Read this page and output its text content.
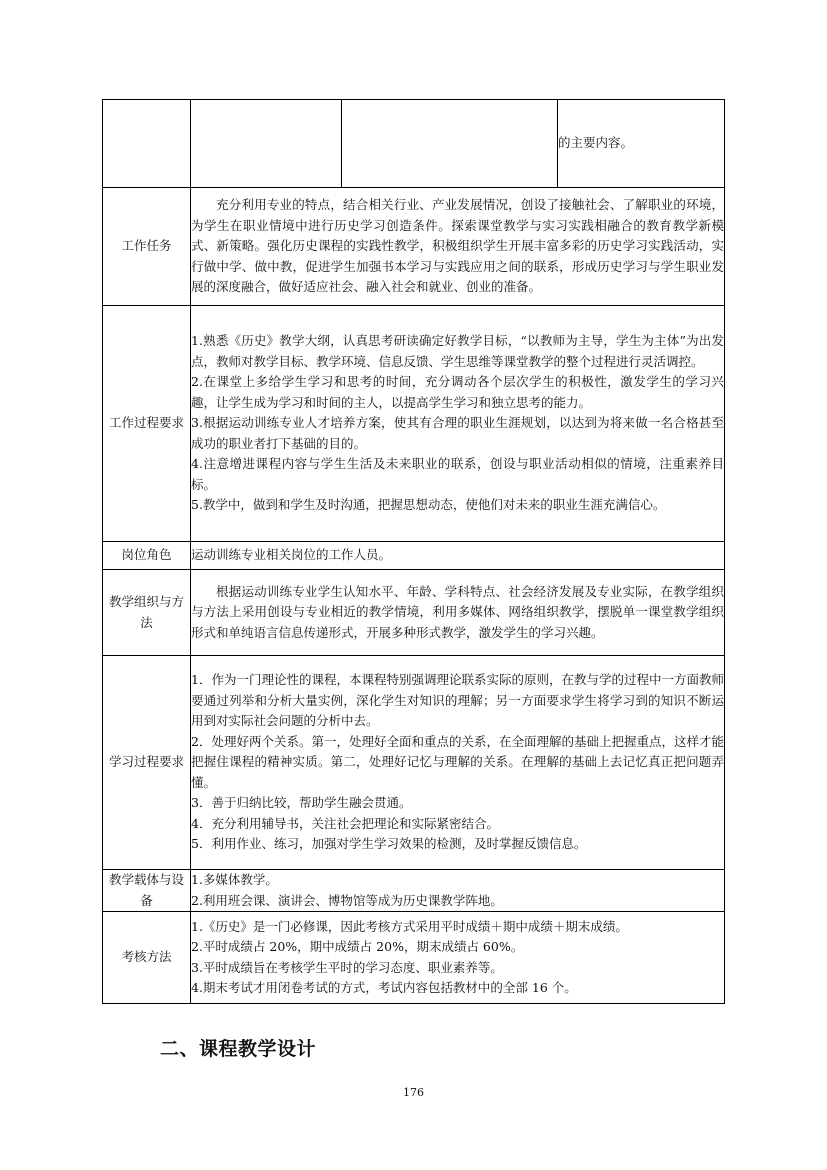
			的主要内容。
工作任务	充分利用专业的特点，结合相关行业、产业发展情况，创设了接触社会、了解职业的环境，为学生在职业情境中进行历史学习创造条件。探索课堂教学与实习实践相融合的教育教学新模式、新策略。强化历史课程的实践性教学，积极组织学生开展丰富多彩的历史学习实践活动，实行做中学、做中教，促进学生加强书本学习与实践应用之间的联系，形成历史学习与学生职业发展的深度融合，做好适应社会、融入社会和就业、创业的准备。		

工作过程要求	1.熟悉《历史》教学大纲，认真思考研读确定好教学目标，“以教师为主导，学生为主体”为出发点，教师对教学目标、教学环境、信息反馈、学生思维等课堂教学的整个过程进行灵活调控。
2.在课堂上多给学生学习和思考的时间，充分调动各个层次学生的积极性，激发学生的学习兴趣，让学生成为学习和时间的主人，以提高学生学习和独立思考的能力。
3.根据运动训练专业人才培养方案，使其有合理的职业生涯规划，以达到为将来做一名合格甚至成功的职业者打下基础的目的。
4.注意增进课程内容与学生生活及未来职业的联系，创设与职业活动相似的情境，注重素养目标。
5.教学中，做到和学生及时沟通，把握思想动态，使他们对未来的职业生涯充满信心。		

岗位角色	运动训练专业相关岗位的工作人员。		
教学组织与方法	根据运动训练专业学生认知水平、年龄、学科特点、社会经济发展及专业实际，在教学组织与方法上采用创设与专业相近的教学情境，利用多媒体、网络组织教学，摆脱单一课堂教学组织形式和单纯语言信息传递形式，开展多种形式教学，激发学生的学习兴趣。		
学习过程要求	1．作为一门理论性的课程，本课程特别强调理论联系实际的原则，在教与学的过程中一方面教师要通过列举和分析大量实例，深化学生对知识的理解；另一方面要求学生将学习到的知识不断运用到对实际社会问题的分析中去。
2．处理好两个关系。第一，处理好全面和重点的关系，在全面理解的基础上把握重点，这样才能把握住课程的精神实质。第二，处理好记忆与理解的关系。在理解的基础上去记忆真正把问题弄懂。
3．善于归纳比较，帮助学生融会贯通。
4．充分利用辅导书，关注社会把理论和实际紧密结合。
5．利用作业、练习，加强对学生学习效果的检测，及时掌握反馈信息。		

教学载体与设备	1.多媒体教学。
2.利用班会课、演讲会、博物馆等成为历史课教学阵地。		

考核方法	1.《历史》是一门必修课，因此考核方式采用平时成绩＋期中成绩＋期末成绩。
2.平时成绩占 20%，期中成绩占 20%，期末成绩占 60%。
3.平时成绩旨在考核学生平时的学习态度、职业素养等。
4.期末考试才用闭卷考试的方式，考试内容包括教材中的全部 16 个。		
二、课程教学设计
176
